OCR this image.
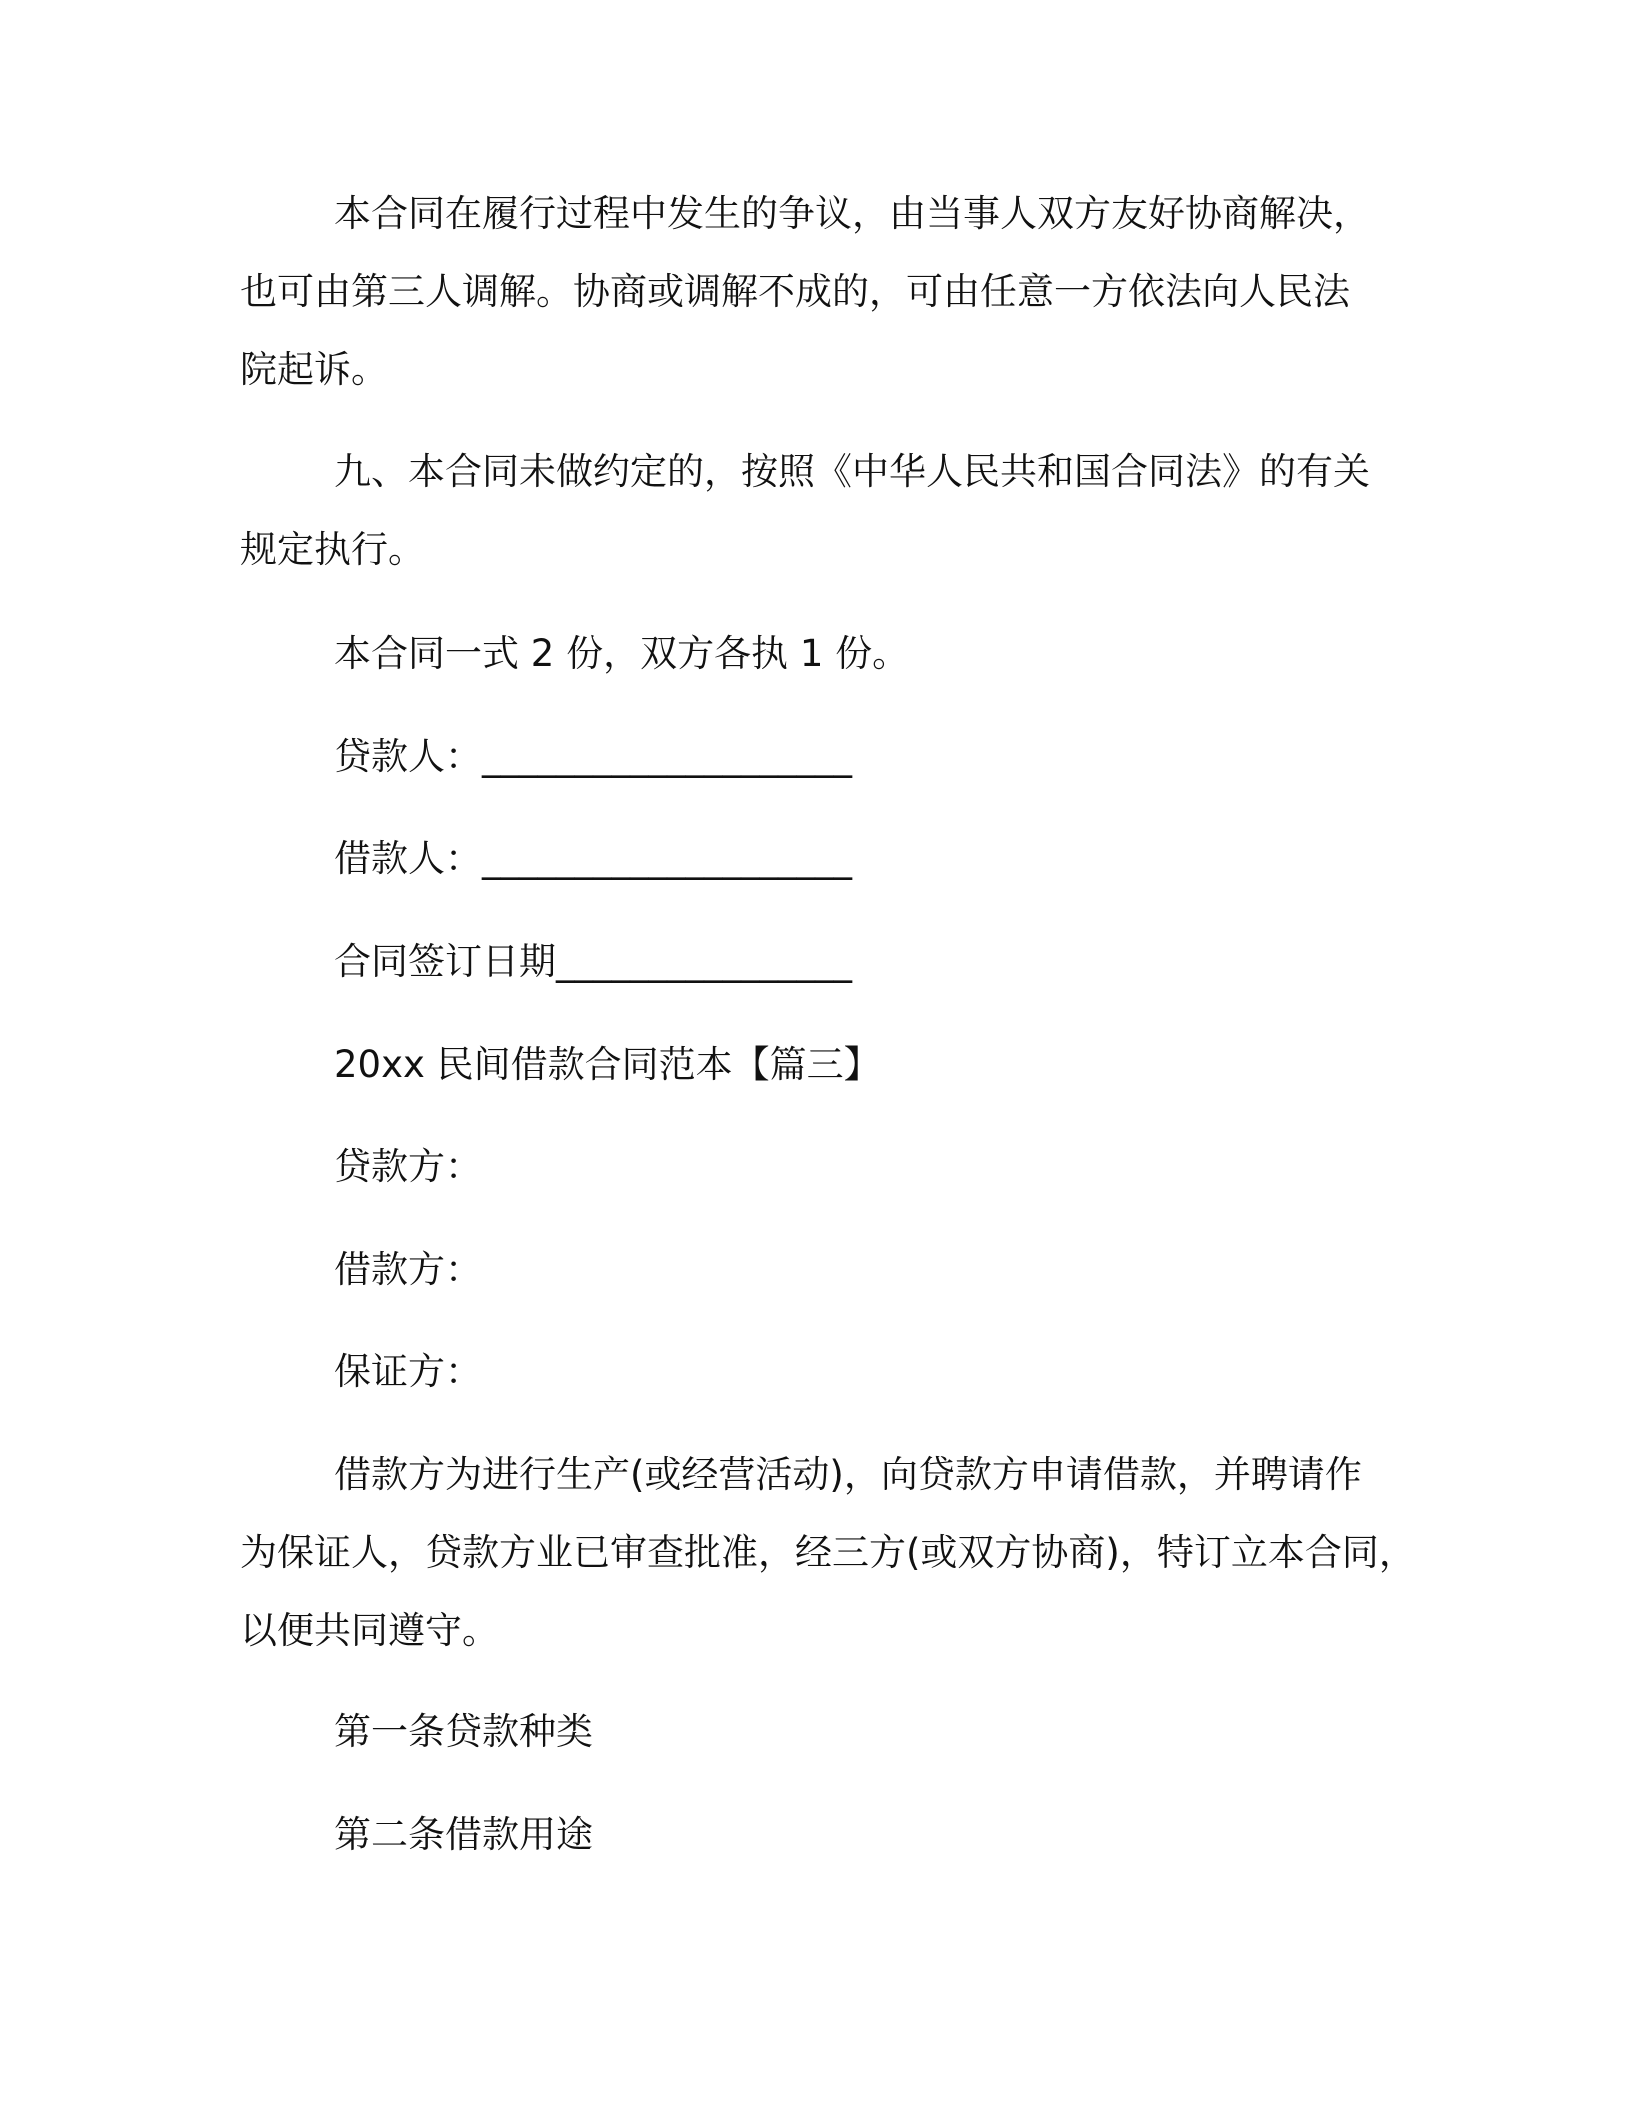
本合同在履行过程中发生的争议，由当事人双方友好协商解决，
也可由第三人调解。协商或调解不成的，可由任意一方依法向人民法
院起诉。
九、本合同未做约定的，按照《中华人民共和国合同法》的有关
规定执行。
本合同一式 2 份，双方各执 1 份。
贷款人：____________________
借款人：____________________
合同签订日期________________
20xx 民间借款合同范本【篇三】
贷款方：
借款方：
保证方：
借款方为进行生产(或经营活动)，向贷款方申请借款，并聘请作
为保证人，贷款方业已审查批准，经三方(或双方协商)，特订立本合同，
以便共同遵守。
第一条贷款种类
第二条借款用途
